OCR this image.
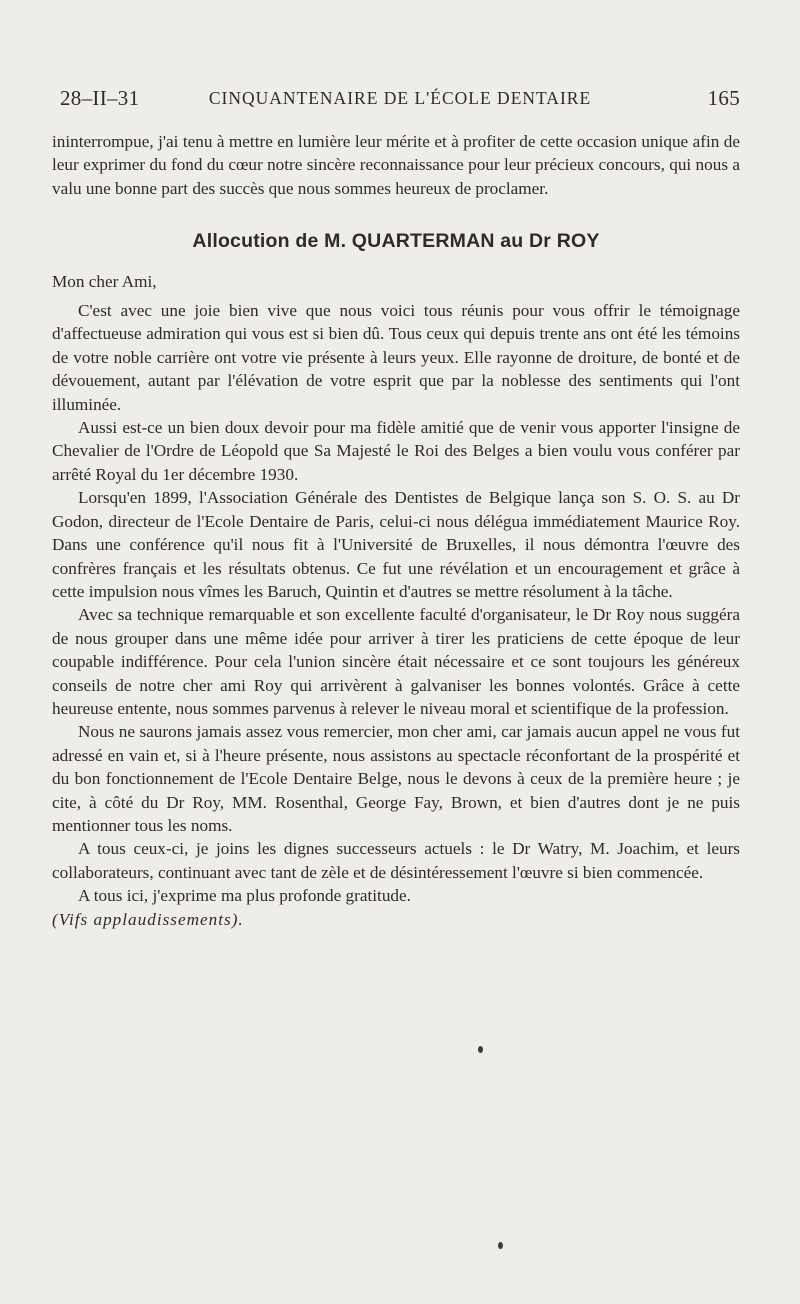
28–II–31	CINQUANTENAIRE DE L'ÉCOLE DENTAIRE	165

ininterrompue, j'ai tenu à mettre en lumière leur mérite et à profiter de cette occasion unique afin de leur exprimer du fond du cœur notre sincère reconnaissance pour leur précieux concours, qui nous a valu une bonne part des succès que nous sommes heureux de proclamer.

Allocution de M. QUARTERMAN au Dr ROY

Mon cher Ami,

C'est avec une joie bien vive que nous voici tous réunis pour vous offrir le témoignage d'affectueuse admiration qui vous est si bien dû. Tous ceux qui depuis trente ans ont été les témoins de votre noble carrière ont votre vie présente à leurs yeux. Elle rayonne de droiture, de bonté et de dévouement, autant par l'élévation de votre esprit que par la noblesse des sentiments qui l'ont illuminée.

Aussi est-ce un bien doux devoir pour ma fidèle amitié que de venir vous apporter l'insigne de Chevalier de l'Ordre de Léopold que Sa Majesté le Roi des Belges a bien voulu vous conférer par arrêté Royal du 1er décembre 1930.

Lorsqu'en 1899, l'Association Générale des Dentistes de Belgique lança son S. O. S. au Dr Godon, directeur de l'Ecole Dentaire de Paris, celui-ci nous délégua immédiatement Maurice Roy. Dans une conférence qu'il nous fit à l'Université de Bruxelles, il nous démontra l'œuvre des confrères français et les résultats obtenus. Ce fut une révélation et un encouragement et grâce à cette impulsion nous vîmes les Baruch, Quintin et d'autres se mettre résolument à la tâche.

Avec sa technique remarquable et son excellente faculté d'organisateur, le Dr Roy nous suggéra de nous grouper dans une même idée pour arriver à tirer les praticiens de cette époque de leur coupable indifférence. Pour cela l'union sincère était nécessaire et ce sont toujours les généreux conseils de notre cher ami Roy qui arrivèrent à galvaniser les bonnes volontés. Grâce à cette heureuse entente, nous sommes parvenus à relever le niveau moral et scientifique de la profession.

Nous ne saurons jamais assez vous remercier, mon cher ami, car jamais aucun appel ne vous fut adressé en vain et, si à l'heure présente, nous assistons au spectacle réconfortant de la prospérité et du bon fonctionnement de l'Ecole Dentaire Belge, nous le devons à ceux de la première heure ; je cite, à côté du Dr Roy, MM. Rosenthal, George Fay, Brown, et bien d'autres dont je ne puis mentionner tous les noms.

A tous ceux-ci, je joins les dignes successeurs actuels : le Dr Watry, M. Joachim, et leurs collaborateurs, continuant avec tant de zèle et de désintéressement l'œuvre si bien commencée.

A tous ici, j'exprime ma plus profonde gratitude.

(Vifs applaudissements).
